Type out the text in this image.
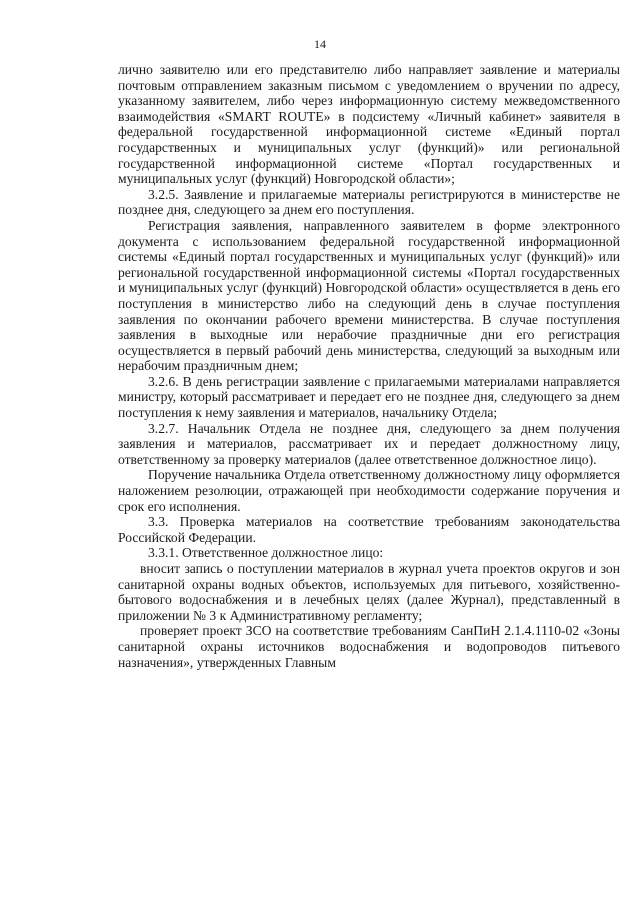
14

лично заявителю или его представителю либо направляет заявление и материалы почтовым отправлением заказным письмом с уведомлением о вручении по адресу, указанному заявителем, либо через информационную систему межведомственного взаимодействия «SMART ROUTE» в подсистему «Личный кабинет» заявителя в федеральной государственной информационной системе «Единый портал государственных и муниципальных услуг (функций)» или региональной государственной информационной системе «Портал государственных и муниципальных услуг (функций) Новгородской области»;

3.2.5. Заявление и прилагаемые материалы регистрируются в министерстве не позднее дня, следующего за днем его поступления.

Регистрация заявления, направленного заявителем в форме электронного документа с использованием федеральной государственной информационной системы «Единый портал государственных и муниципальных услуг (функций)» или региональной государственной информационной системы «Портал государственных и муниципальных услуг (функций) Новгородской области» осуществляется в день его поступления в министерство либо на следующий день в случае поступления заявления по окончании рабочего времени министерства. В случае поступления заявления в выходные или нерабочие праздничные дни его регистрация осуществляется в первый рабочий день министерства, следующий за выходным или нерабочим праздничным днем;

3.2.6. В день регистрации заявление с прилагаемыми материалами направляется министру, который рассматривает и передает его не позднее дня, следующего за днем поступления к нему заявления и материалов, начальнику Отдела;

3.2.7. Начальник Отдела не позднее дня, следующего за днем получения заявления и материалов, рассматривает их и передает должностному лицу, ответственному за проверку материалов (далее ответственное должностное лицо).

Поручение начальника Отдела ответственному должностному лицу оформляется наложением резолюции, отражающей при необходимости содержание поручения и срок его исполнения.

3.3. Проверка материалов на соответствие требованиям законодательства Российской Федерации.

3.3.1. Ответственное должностное лицо:

вносит запись о поступлении материалов в журнал учета проектов округов и зон санитарной охраны водных объектов, используемых для питьевого, хозяйственно-бытового водоснабжения и в лечебных целях (далее Журнал), представленный в приложении № 3 к Административному регламенту;

проверяет проект ЗСО на соответствие требованиям СанПиН 2.1.4.1110-02 «Зоны санитарной охраны источников водоснабжения и водопроводов питьевого назначения», утвержденных Главным
